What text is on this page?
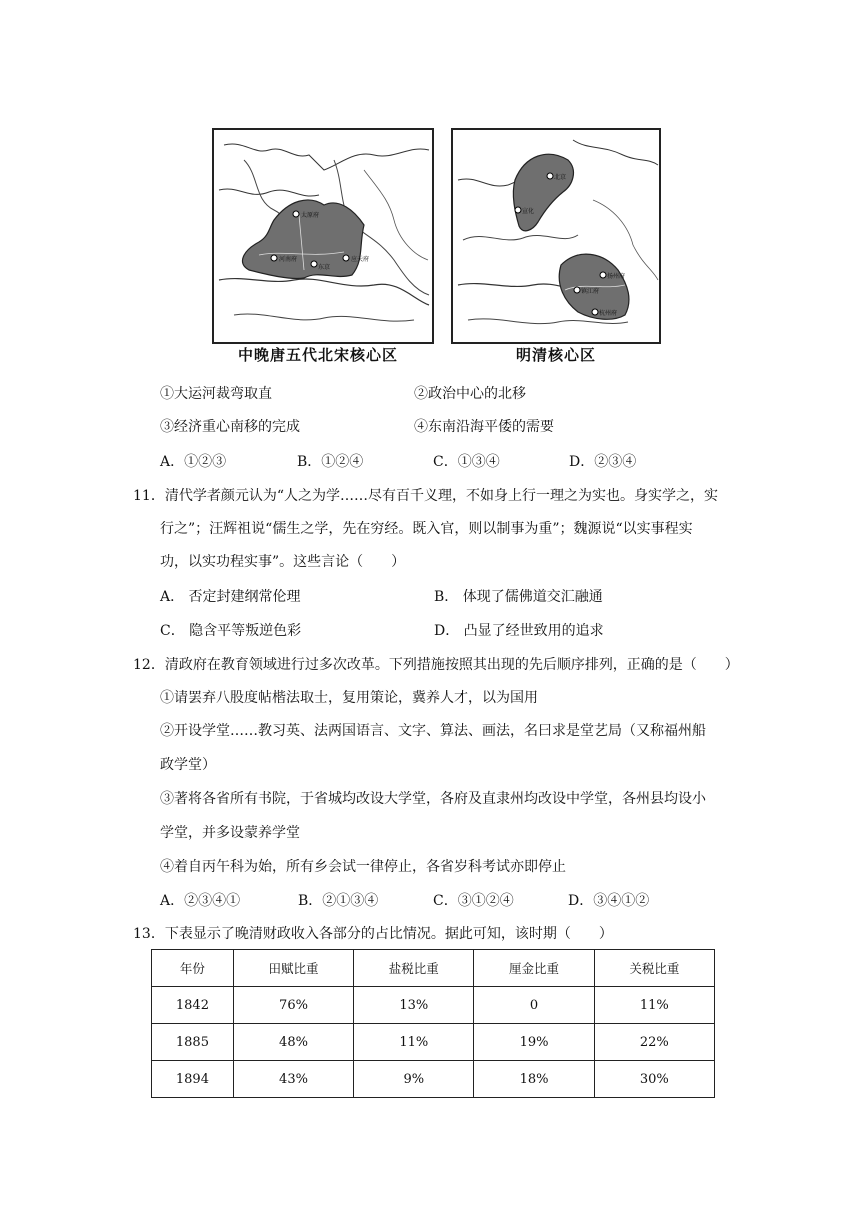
太原府
河南府
东京
应天府
中晚唐五代北宋核心区
北京
宣化
扬州府
镇江府
杭州府
明清核心区
①大运河裁弯取直	②政治中心的北移
③经济重心南移的完成	④东南沿海平倭的需要
A．①②③	B．①②④	C．①③④	D．②③④
11．清代学者颜元认为“人之为学……尽有百千义理，不如身上行一理之为实也。身实学之，实
行之”；汪辉祖说“儒生之学，先在穷经。既入官，则以制事为重”；魏源说“以实事程实
功，以实功程实事”。这些言论（　　）
A． 否定封建纲常伦理	B． 体现了儒佛道交汇融通
C． 隐含平等叛逆色彩	D． 凸显了经世致用的追求
12．清政府在教育领域进行过多次改革。下列措施按照其出现的先后顺序排列，正确的是（　　）
①请罢弃八股度帖楷法取士，复用策论，冀养人才，以为国用
②开设学堂……教习英、法两国语言、文字、算法、画法，名曰求是堂艺局（又称福州船
政学堂）
③著将各省所有书院，于省城均改设大学堂，各府及直隶州均改设中学堂，各州县均设小
学堂，并多设蒙养学堂
④着自丙午科为始，所有乡会试一律停止，各省岁科考试亦即停止
A．②③④①	B．②①③④	C．③①②④	D．③④①②
13．下表显示了晚清财政收入各部分的占比情况。据此可知，该时期（　　）
年份	田赋比重	盐税比重	厘金比重	关税比重
1842	76%	13%	0	11%
1885	48%	11%	19%	22%
1894	43%	9%	18%	30%
